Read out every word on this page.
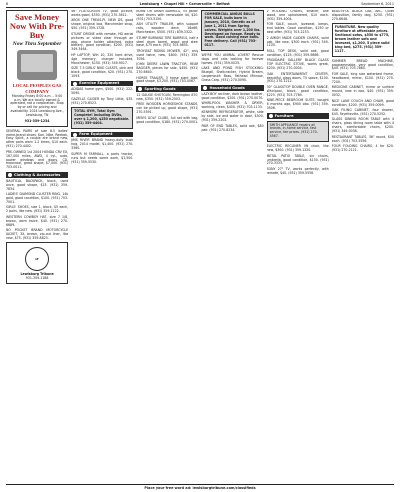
8	Lewisburg • Chapel Hill • Cornersville • Belfast	September 6, 2011
Save Money Now With Pre-Buy
Now Thru September
LOCAL PEOPLES GAS COMPANY
Monday-Friday 8:00 a.m. – 5:00 p.m. We are locally owned & operated, not a corporation. Stop by or call for pricing and availability. 1024 Lewisburg Ave., Lewisburg, TN
931-359-1234
SEVERAL PAIRS of size 8.5 ladies' name-brand shoes, Kori, Nike, Reebok, Easy Spirit, a couple are brand new, other pairs worn 1-2 times, $10 each. (931) 270-4402.
PRE-OWNED 1st 2004 HONDA CRV EX, 167,000 miles, AWD, 4 cyl., auto, power windows and doors, CD, moonroof, great shape, $7,000. (931) 703-0011.
Clothing & Accessories
NAUTICAL BACKPACK, black, used once, good shape, $15. (931) 359-7834.
LADIES' DIAMOND CLUSTER RING, 14k gold, good condition, $100. (931) 703-7001.
GIRLS' SHOES, size 1, black, $5 each, 2 pairs, like new. (931) 359-1122.
WESTERN COWBOY HAT, size 7 1/8, brown, worn twice, $40. (931) 270-6689.
NO POCKET BRAND MOTORCYCLE JACKET, 3X, brown, zip-out liner, like new, $75. (931) 359-8823.
LT
Lewisburg Tribune
931-359-1188
46" FLATSCREEN TV, good picture, works good, $350. (931) 270-3612.
XBOX ONE TREAS-PI, NEW DS, good shape, original box, Manchester shop, $50. (931) 359-1728.
STUNT DRONE with remote, HD aerial pictures or video clear through an app, phone holder attached, extra battery, good condition, $200. (931) 349-3464.
HP LAPTOP, Win 10, 320 hard drive, 4gb memory, charger included, Manchester, $150. (931) 349-9017.
SIZE 7.5 GIRLS' NIKE CLEATS, pink and black, good condition, $20. (931) 270-1093.
Exercise Equipment
ADIDAS home gym, $500. (931) 222-5090.
GAZELLE GLIDER by Tony Little, $35. (931) 270-6523.
TOTAL GYM, Total Gym Complete! including DVDs, over $ 1,200, $250 negotiable. (931) 359-4404.
Farm Equipment
JIMS RIVER BRAND heavy-duty bush hog, 2014 model, $1,400. (931) 270-3360.
SUPER M FARMALL, a parts tractor, runs but needs some work, $1,500. (931) 359-5530.
BURN OR GRAIN BARRELS, 55 gallon steel drums with removable lid, $20. (931) 703-3150.
ASH UTILITY TRAILER, with support rails, wooden deck, 16x6ft, Manchester, $500. (931) 839-3322.
STUMP BURNING TIRE BARRELS, half a steel drum barrel, wood and steel base, $75 each. (931) 703-9855.
TROY-BILT RIDING MOWER, 42", only used twice, new, $800. (931) 359-7056.
JOHN DEERE LAWN TRACTOR, REAR BAGGER, pieces for sale, $450. (931) 270-6640.
HORSE TRAILER, 3 horse slant load, good shape, $3,200. (931) 703-0067.
Sporting Goods
12 GAUGE SHOTGUN, Remington 870, new, $350. (931) 359-2003.
FREE WOODEN HORSESHOE STANDS, can be picked up, good shape, (931) 270-5591.
MEN'S GOLF CLUBS, full set with bag, good condition, $180. (931) 270-0001.
COMMERCIAL ANGUS BULLS FOR SALE, bulls born in January, 2010, Genetic as of June 1, 2011 from Spring calves. Weights over 1,200 lbs. Developed on forage. Ready to work. Good calving ease bulls. Free delivery. Call (931) 703-0117.
WE'RE YOU ANIMAL LOVER? Rescue dogs and cats looking for forever homes. (931) 359-0025.
LAKE AND POND FISH STOCKING: Bluegill, Shellcracker, Hybrid Bream, Largemouth Bass, Fathead Minnow, Grass Carp. (931) 270-0090.
Household Goods
LAZY-BOY recliner, dark brown leather, good condition, $200. (931) 270-0070.
WHIRLPOOL WASHER & DRYER, working, clean, $400. (931) 703-1133.
KENMORE REFRIGERATOR, white, side by side, ice and water in door, $300. (931) 359-2202.
PAIR OF END TABLES, solid oak, $80 pair. (931) 270-8234.
2 ROCKING CHAIRS, smaller, one wood, one upholstered, $10 each. (931) 359-4004.
FOR SALE, couch, loveseat, lamps, end tables. Good condition, $250 or best offer. (931) 703-2233.
2 AMISH MADE GLIDER CHAIRS, solid oak, like new, $300 each. (931) 349-1100.
ROLL TOP DESK, solid oak, good condition, $125. (931) 359-9866.
FRIGIDAIRE GALLERY BLACK GLASS TOP ELECTRIC STOVE, works great, $200. (931) 270-0004.
OAK ENTERTAINMENT CENTER, beautiful, glass doors, TV space, $100. (931) 270-1212.
30" GLASSTOP DOUBLE OVEN RANGE, Whirlpool, black, good condition, $225. (931) 703-7789.
NINE-PIECE BEDROOM SUITE, bought 6 months ago, $900 obo. (931) 359-0506.
Furniture
SMITH APPLIANCE repairs all brands, in-home service, fast service, fair prices. (931) 270-4567.
ELECTRIC RECLINER lift chair, like new, $300. (931) 359-1220.
METAL PATIO TABLE, six chairs, umbrella, good condition, $150. (931) 270-3333.
SONY 27" TV, works perfectly, with remote, $40. (931) 359-5556.
BEAUTIFUL BLACK LAB, AKC, Quiet disposition, family dog, $250. (931) 270-6646.
FURNITURE. New quality furniture at affordable prices. Sectional sofas, $550 to $775, brown leather sofa and loveseat, $1,200, 5 piece solid king bed, $275. (931) 359-1117.
SUMMER BREAD MACHINE, programmable, very good condition, $40. (931) 703-7865.
FOR SALE, king size waterbed frame, headboard, mirror, $100. (931) 270-7200.
MEDICINE CABINET, mirror or surface mount, new in box, $40. (931) 359-0032.
NICE LANE COUCH AND CHAIR, good condition, $200. (931) 359-0099.
OAK FILING CABINET, four drawer, $45. Fayetteville. (931) 270-5252.
GLASS DINING ROOM TABLE with 4 chairs, glass dining room table with 4 chairs, comfortable chairs, $200. (931) 349-0038.
RESTAURANT TABLES, 36" round, $50 each. (931) 703-5556.
FOUR FOLDING CHAIRS, 4 for $20. (931) 270-2121.
Place your free word ad: lewisburgtribune.com/classifieds
